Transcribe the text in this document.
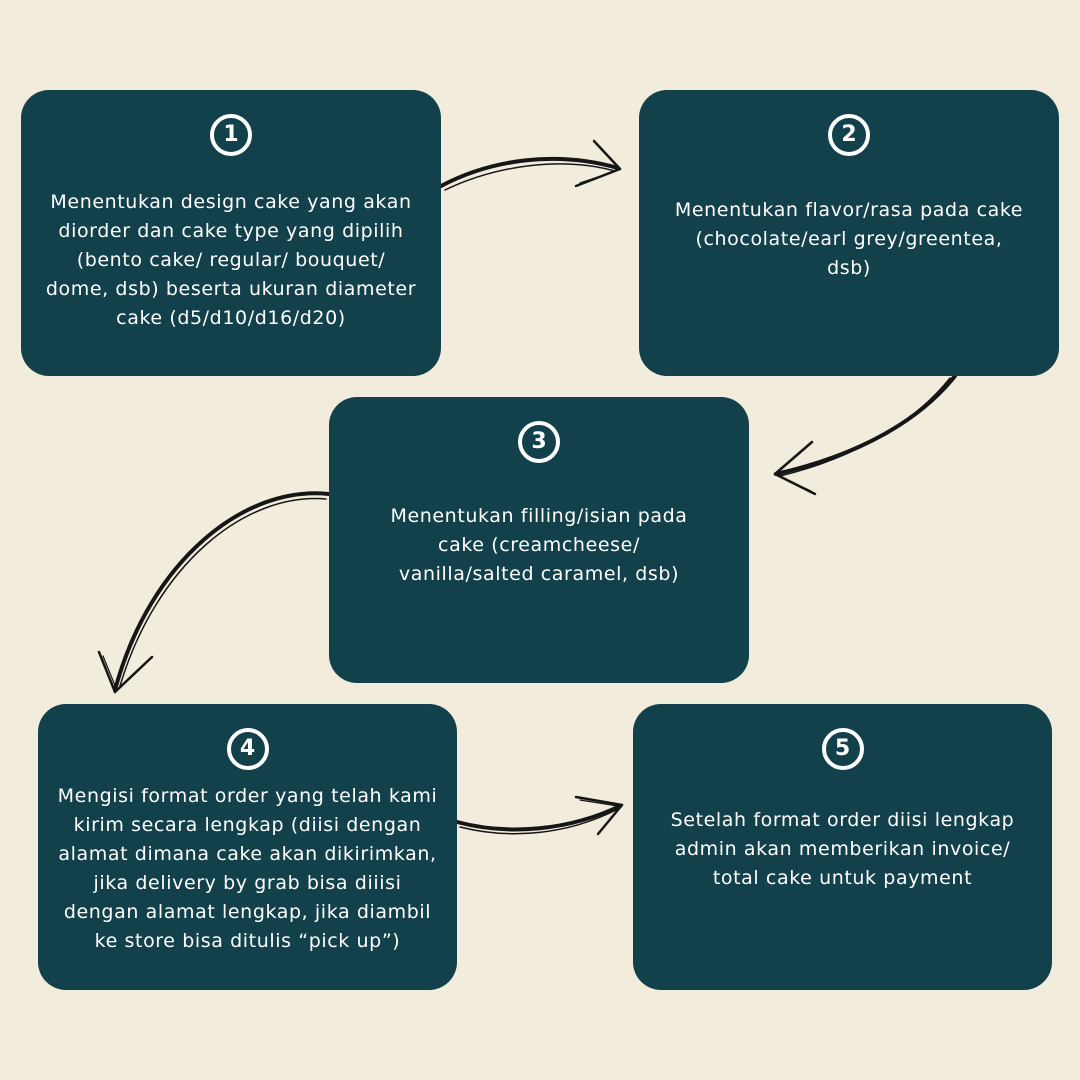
1
Menentukan design cake yang akan
diorder dan cake type yang dipilih
(bento cake/ regular/ bouquet/
dome, dsb) beserta ukuran diameter
cake (d5/d10/d16/d20)
2
Menentukan flavor/rasa pada cake
(chocolate/earl grey/greentea,
dsb)
3
Menentukan filling/isian pada
cake (creamcheese/
vanilla/salted caramel, dsb)
4
Mengisi format order yang telah kami
kirim secara lengkap (diisi dengan
alamat dimana cake akan dikirimkan,
jika delivery by grab bisa diiisi
dengan alamat lengkap, jika diambil
ke store bisa ditulis “pick up”)
5
Setelah format order diisi lengkap
admin akan memberikan invoice/
total cake untuk payment
